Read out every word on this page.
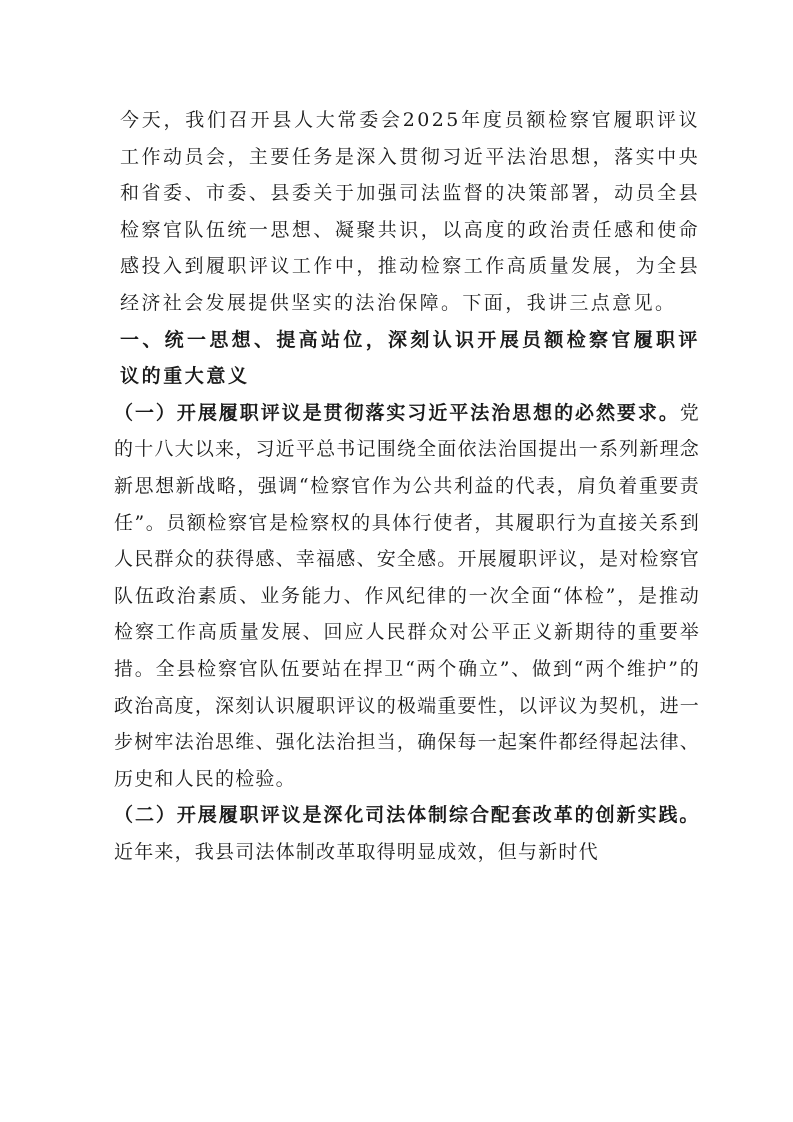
今天，我们召开县人大常委会2025年度员额检察官履职评议工作动员会，主要任务是深入贯彻习近平法治思想，落实中央和省委、市委、县委关于加强司法监督的决策部署，动员全县检察官队伍统一思想、凝聚共识，以高度的政治责任感和使命感投入到履职评议工作中，推动检察工作高质量发展，为全县经济社会发展提供坚实的法治保障。下面，我讲三点意见。

一、统一思想、提高站位，深刻认识开展员额检察官履职评议的重大意义

（一）开展履职评议是贯彻落实习近平法治思想的必然要求。党的十八大以来，习近平总书记围绕全面依法治国提出一系列新理念新思想新战略，强调“检察官作为公共利益的代表，肩负着重要责任”。员额检察官是检察权的具体行使者，其履职行为直接关系到人民群众的获得感、幸福感、安全感。开展履职评议，是对检察官队伍政治素质、业务能力、作风纪律的一次全面“体检”，是推动检察工作高质量发展、回应人民群众对公平正义新期待的重要举措。全县检察官队伍要站在捍卫“两个确立”、做到“两个维护”的政治高度，深刻认识履职评议的极端重要性，以评议为契机，进一步树牢法治思维、强化法治担当，确保每一起案件都经得起法律、历史和人民的检验。

（二）开展履职评议是深化司法体制综合配套改革的创新实践。近年来，我县司法体制改革取得明显成效，但与新时代
